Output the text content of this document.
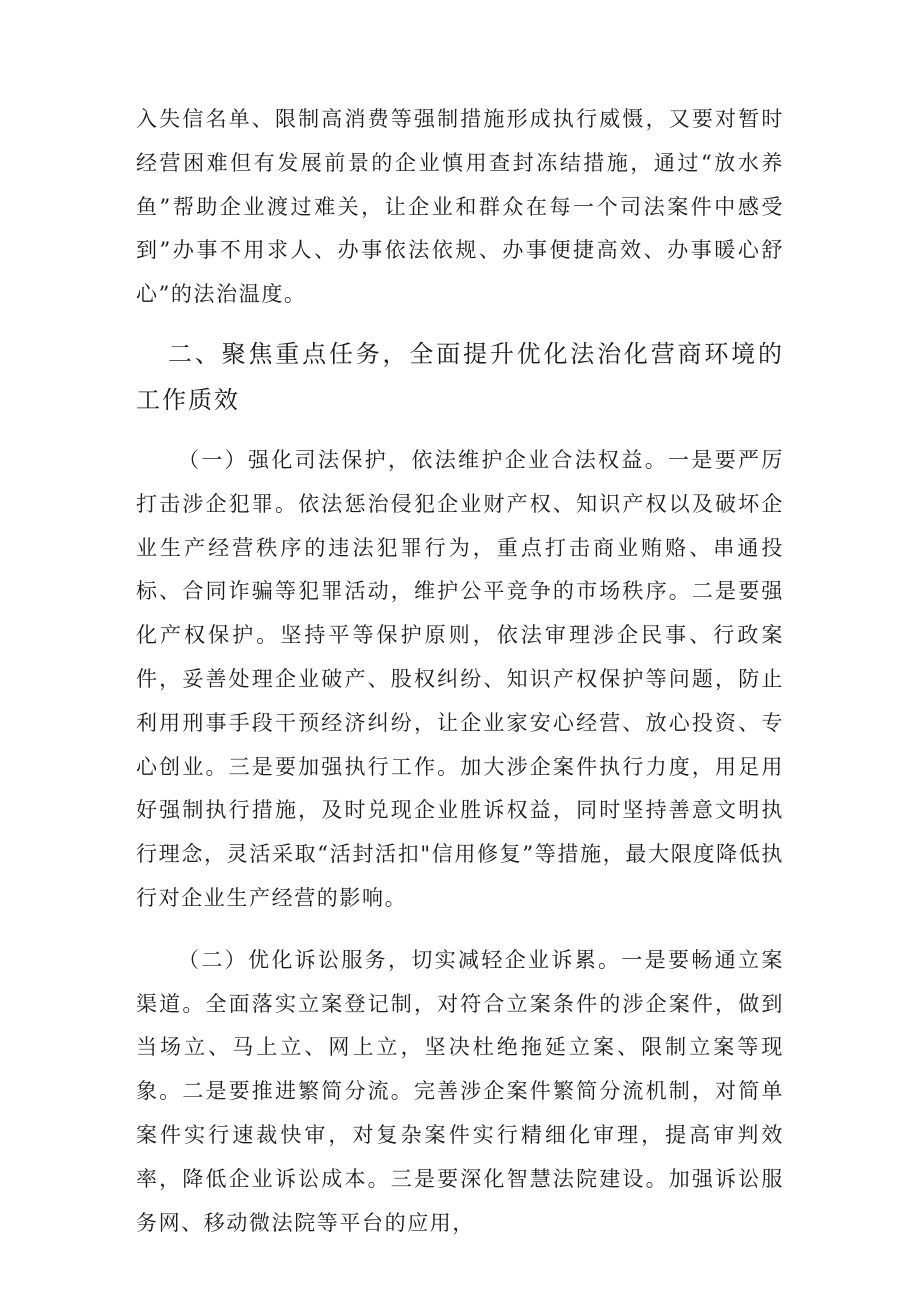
入失信名单、限制高消费等强制措施形成执行威慑，又要对暂时经营困难但有发展前景的企业慎用查封冻结措施，通过“放水养鱼”帮助企业渡过难关，让企业和群众在每一个司法案件中感受到”办事不用求人、办事依法依规、办事便捷高效、办事暖心舒心”的法治温度。

二、聚焦重点任务，全面提升优化法治化营商环境的工作质效

（一）强化司法保护，依法维护企业合法权益。一是要严厉打击涉企犯罪。依法惩治侵犯企业财产权、知识产权以及破坏企业生产经营秩序的违法犯罪行为，重点打击商业贿赂、串通投标、合同诈骗等犯罪活动，维护公平竞争的市场秩序。二是要强化产权保护。坚持平等保护原则，依法审理涉企民事、行政案件，妥善处理企业破产、股权纠纷、知识产权保护等问题，防止利用刑事手段干预经济纠纷，让企业家安心经营、放心投资、专心创业。三是要加强执行工作。加大涉企案件执行力度，用足用好强制执行措施，及时兑现企业胜诉权益，同时坚持善意文明执行理念，灵活采取“活封活扣"信用修复”等措施，最大限度降低执行对企业生产经营的影响。

（二）优化诉讼服务，切实减轻企业诉累。一是要畅通立案渠道。全面落实立案登记制，对符合立案条件的涉企案件，做到当场立、马上立、网上立，坚决杜绝拖延立案、限制立案等现象。二是要推进繁简分流。完善涉企案件繁简分流机制，对简单案件实行速裁快审，对复杂案件实行精细化审理，提高审判效率，降低企业诉讼成本。三是要深化智慧法院建设。加强诉讼服务网、移动微法院等平台的应用，
